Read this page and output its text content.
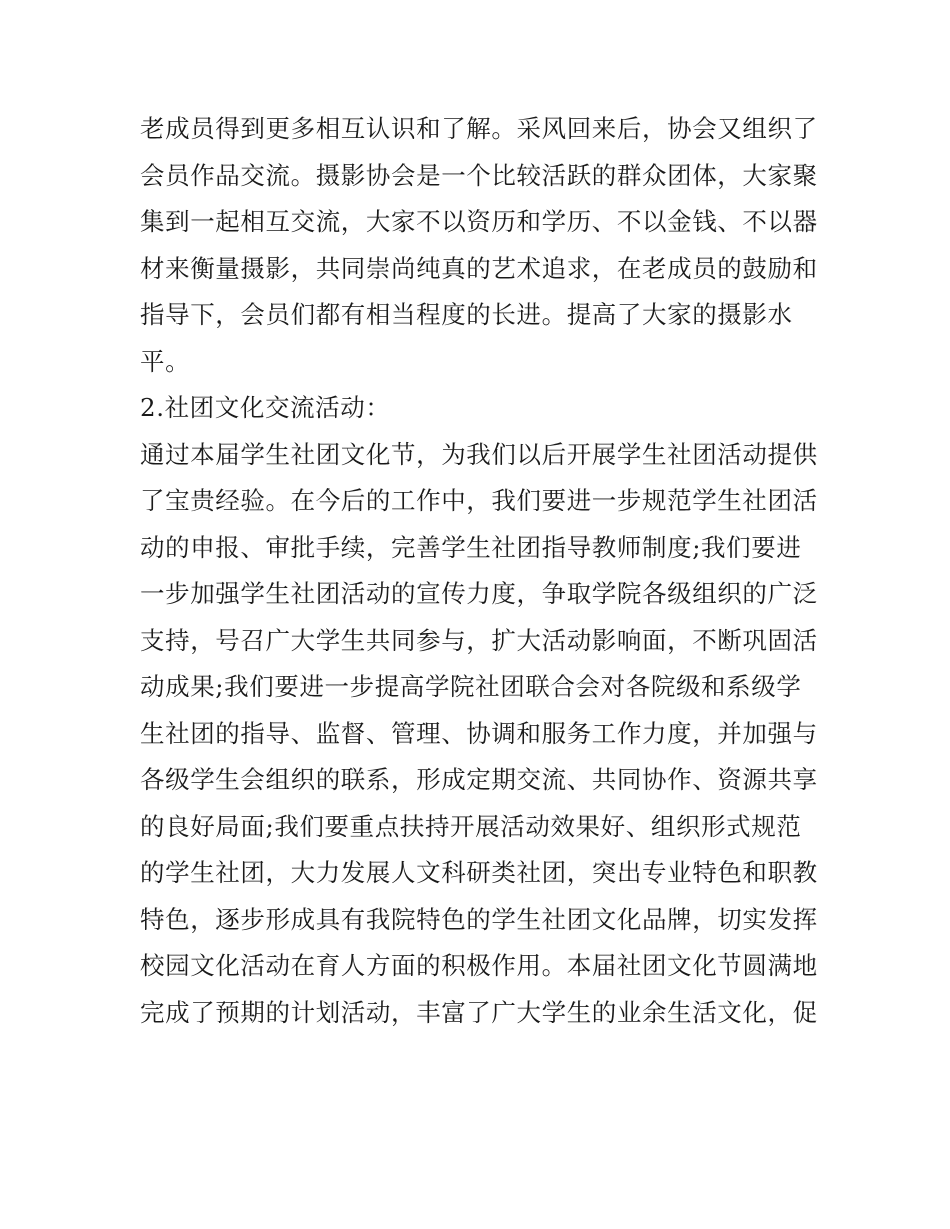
老成员得到更多相互认识和了解。采风回来后，协会又组织了
会员作品交流。摄影协会是一个比较活跃的群众团体，大家聚
集到一起相互交流，大家不以资历和学历、不以金钱、不以器
材来衡量摄影，共同崇尚纯真的艺术追求，在老成员的鼓励和
指导下，会员们都有相当程度的长进。提高了大家的摄影水
平。
2.社团文化交流活动：
通过本届学生社团文化节，为我们以后开展学生社团活动提供
了宝贵经验。在今后的工作中，我们要进一步规范学生社团活
动的申报、审批手续，完善学生社团指导教师制度;我们要进
一步加强学生社团活动的宣传力度，争取学院各级组织的广泛
支持，号召广大学生共同参与，扩大活动影响面，不断巩固活
动成果;我们要进一步提高学院社团联合会对各院级和系级学
生社团的指导、监督、管理、协调和服务工作力度，并加强与
各级学生会组织的联系，形成定期交流、共同协作、资源共享
的良好局面;我们要重点扶持开展活动效果好、组织形式规范
的学生社团，大力发展人文科研类社团，突出专业特色和职教
特色，逐步形成具有我院特色的学生社团文化品牌，切实发挥
校园文化活动在育人方面的积极作用。本届社团文化节圆满地
完成了预期的计划活动，丰富了广大学生的业余生活文化，促
